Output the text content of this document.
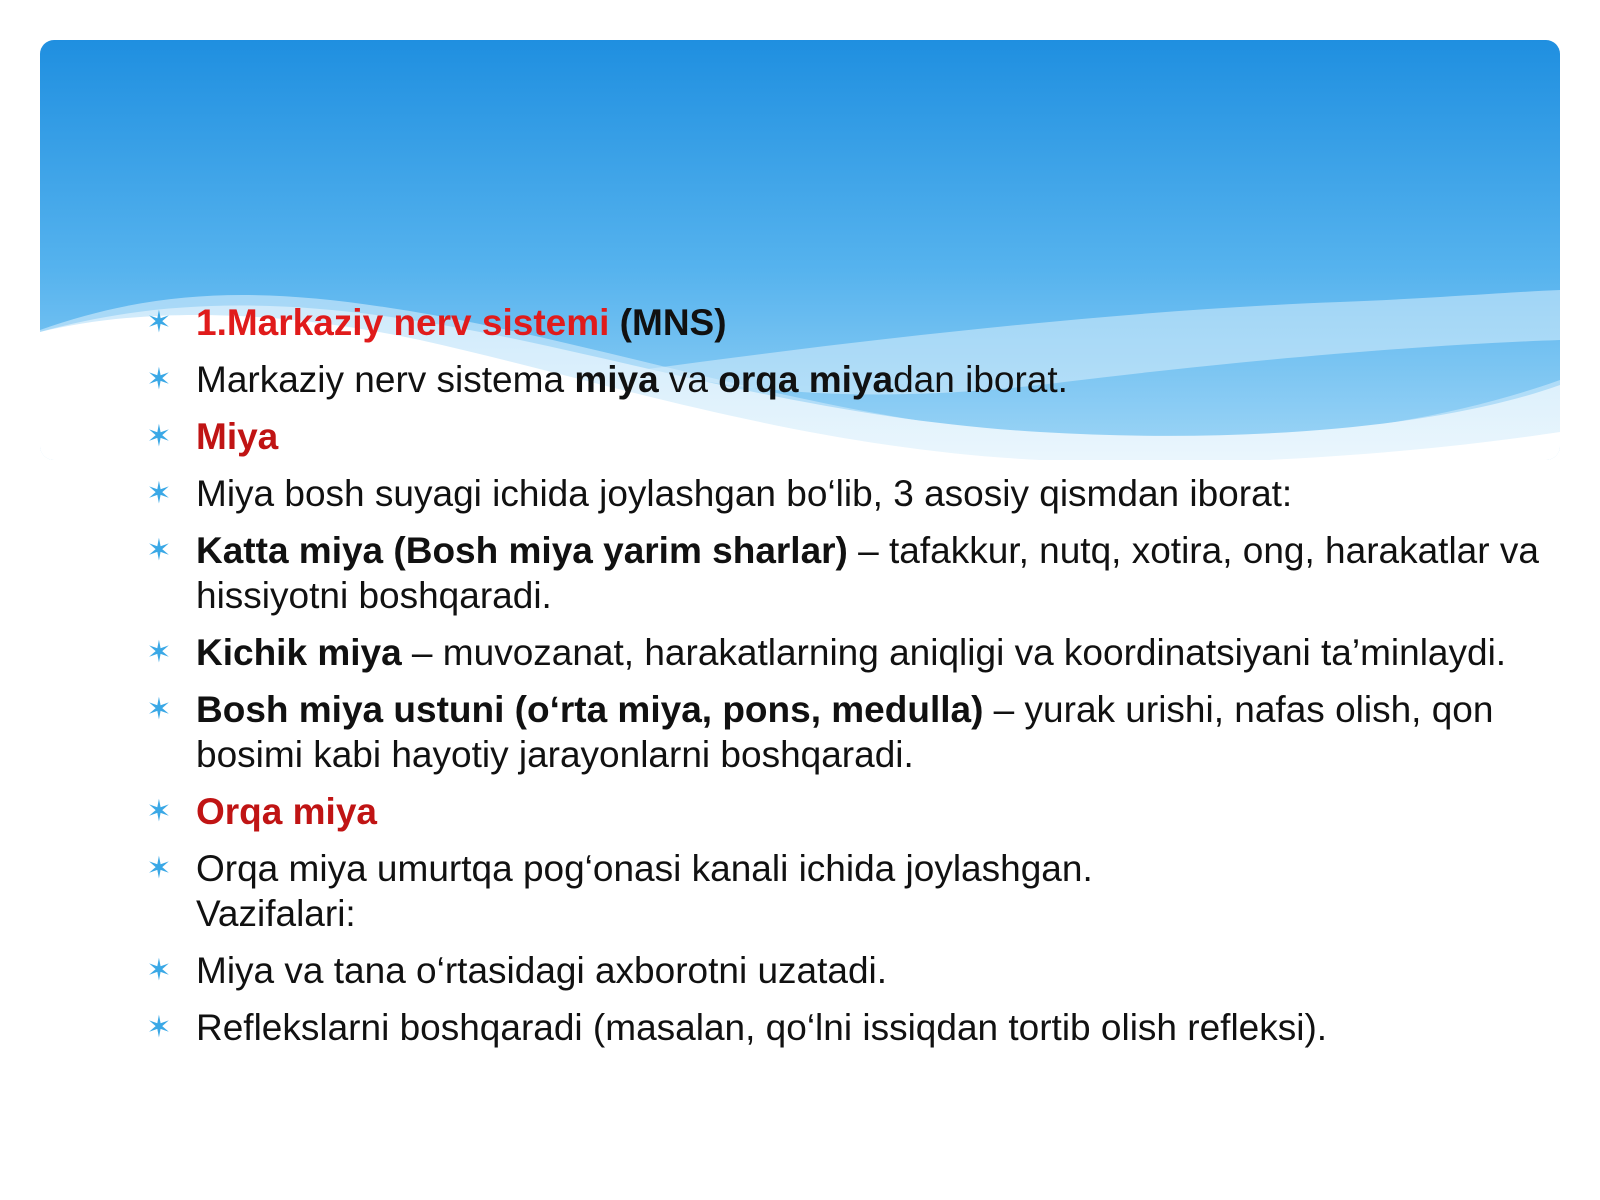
✶ 1.Markaziy nerv sistemi (MNS)
✶ Markaziy nerv sistema miya va orqa miyadan iborat.
✶ Miya
✶ Miya bosh suyagi ichida joylashgan bo‘lib, 3 asosiy qismdan iborat:
✶ Katta miya (Bosh miya yarim sharlar) – tafakkur, nutq, xotira, ong, harakatlar va hissiyotni boshqaradi.
✶ Kichik miya – muvozanat, harakatlarning aniqligi va koordinatsiyani ta’minlaydi.
✶ Bosh miya ustuni (o‘rta miya, pons, medulla) – yurak urishi, nafas olish, qon bosimi kabi hayotiy jarayonlarni boshqaradi.
✶ Orqa miya
✶ Orqa miya umurtqa pog‘onasi kanali ichida joylashgan.
Vazifalari:
✶ Miya va tana o‘rtasidagi axborotni uzatadi.
✶ Reflekslarni boshqaradi (masalan, qo‘lni issiqdan tortib olish refleksi).
